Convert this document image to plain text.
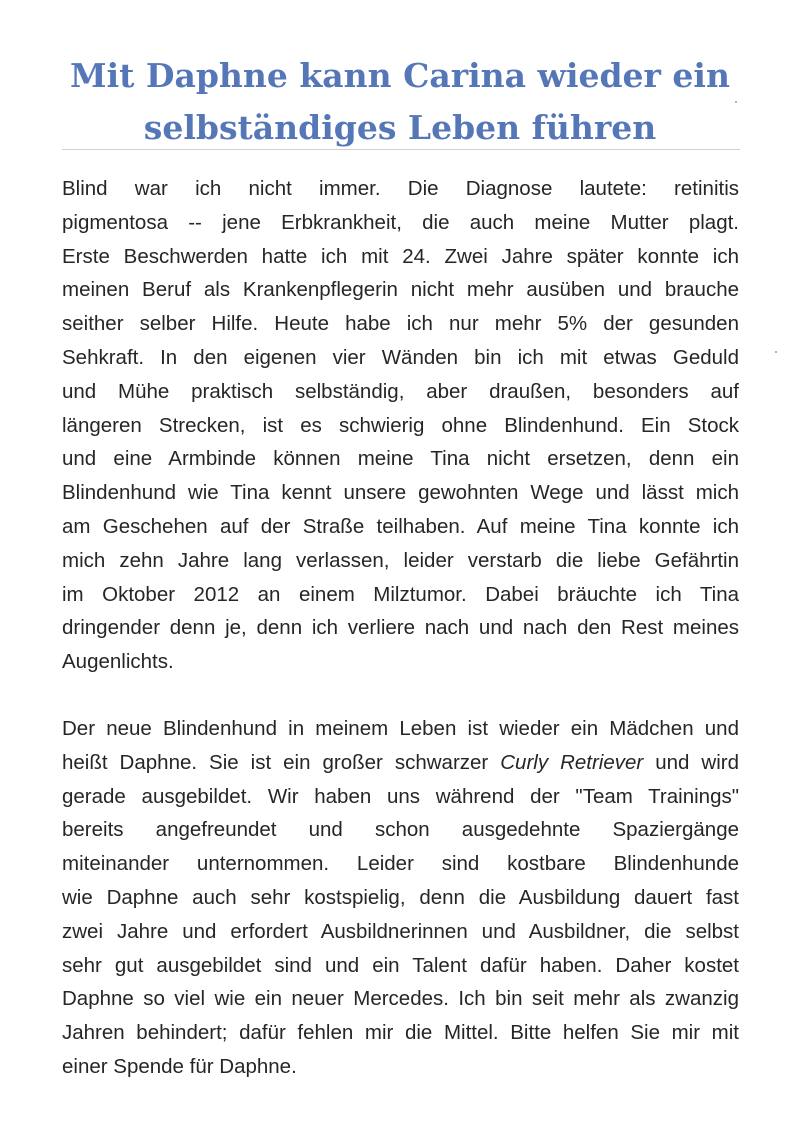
Mit Daphne kann Carina wieder ein
selbständiges Leben führen
Blind war ich nicht immer. Die Diagnose lautete: retinitis
pigmentosa -- jene Erbkrankheit, die auch meine Mutter plagt.
Erste Beschwerden hatte ich mit 24. Zwei Jahre später konnte ich
meinen Beruf als Krankenpflegerin nicht mehr ausüben und brauche
seither selber Hilfe. Heute habe ich nur mehr 5% der gesunden
Sehkraft. In den eigenen vier Wänden bin ich mit etwas Geduld
und Mühe praktisch selbständig, aber draußen, besonders auf
längeren Strecken, ist es schwierig ohne Blindenhund. Ein Stock
und eine Armbinde können meine Tina nicht ersetzen, denn ein
Blindenhund wie Tina kennt unsere gewohnten Wege und lässt mich
am Geschehen auf der Straße teilhaben. Auf meine Tina konnte ich
mich zehn Jahre lang verlassen, leider verstarb die liebe Gefährtin
im Oktober 2012 an einem Milztumor. Dabei bräuchte ich Tina
dringender denn je, denn ich verliere nach und nach den Rest meines
Augenlichts.
Der neue Blindenhund in meinem Leben ist wieder ein Mädchen und
heißt Daphne. Sie ist ein großer schwarzer Curly Retriever und wird
gerade ausgebildet. Wir haben uns während der "Team Trainings"
bereits angefreundet und schon ausgedehnte Spaziergänge
miteinander unternommen. Leider sind kostbare Blindenhunde
wie Daphne auch sehr kostspielig, denn die Ausbildung dauert fast
zwei Jahre und erfordert Ausbildnerinnen und Ausbildner, die selbst
sehr gut ausgebildet sind und ein Talent dafür haben. Daher kostet
Daphne so viel wie ein neuer Mercedes. Ich bin seit mehr als zwanzig
Jahren behindert; dafür fehlen mir die Mittel. Bitte helfen Sie mir mit
einer Spende für Daphne.
